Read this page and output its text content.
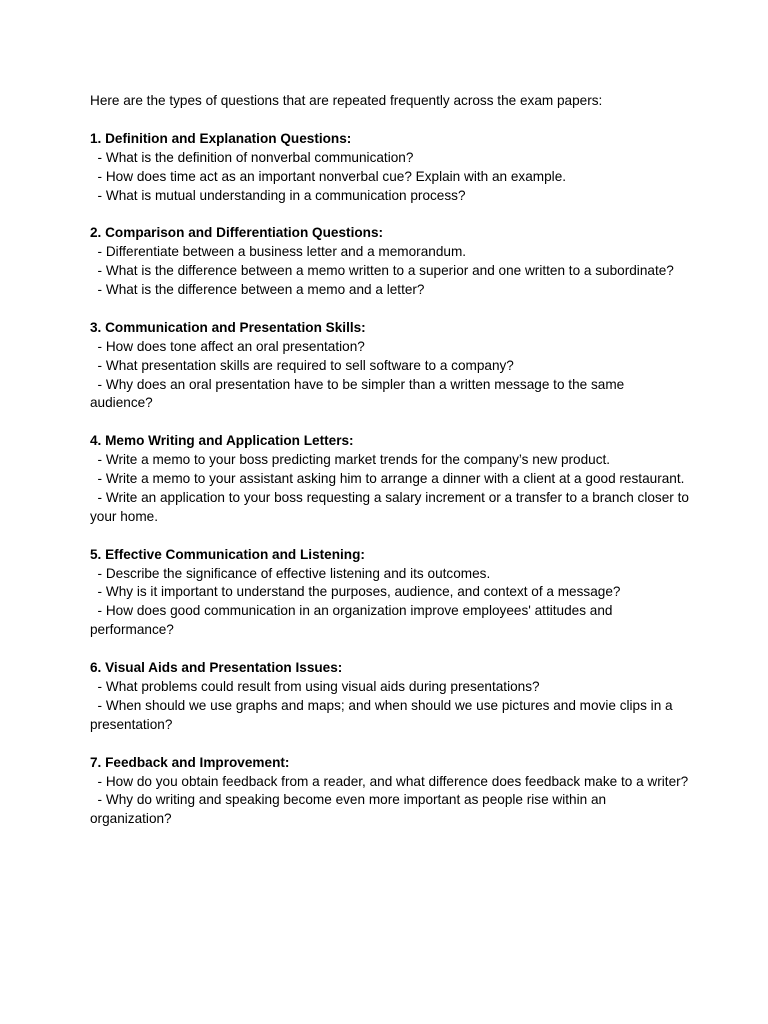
Here are the types of questions that are repeated frequently across the exam papers:

1. Definition and Explanation Questions:

- What is the definition of nonverbal communication?

- How does time act as an important nonverbal cue? Explain with an example.

- What is mutual understanding in a communication process?

2. Comparison and Differentiation Questions:

- Differentiate between a business letter and a memorandum.

- What is the difference between a memo written to a superior and one written to a subordinate?

- What is the difference between a memo and a letter?

3. Communication and Presentation Skills:

- How does tone affect an oral presentation?

- What presentation skills are required to sell software to a company?

- Why does an oral presentation have to be simpler than a written message to the same audience?

4. Memo Writing and Application Letters:

- Write a memo to your boss predicting market trends for the company’s new product.

- Write a memo to your assistant asking him to arrange a dinner with a client at a good restaurant.

- Write an application to your boss requesting a salary increment or a transfer to a branch closer to your home.

5. Effective Communication and Listening:

- Describe the significance of effective listening and its outcomes.

- Why is it important to understand the purposes, audience, and context of a message?

- How does good communication in an organization improve employees' attitudes and performance?

6. Visual Aids and Presentation Issues:

- What problems could result from using visual aids during presentations?

- When should we use graphs and maps; and when should we use pictures and movie clips in a presentation?

7. Feedback and Improvement:

- How do you obtain feedback from a reader, and what difference does feedback make to a writer?

- Why do writing and speaking become even more important as people rise within an organization?
